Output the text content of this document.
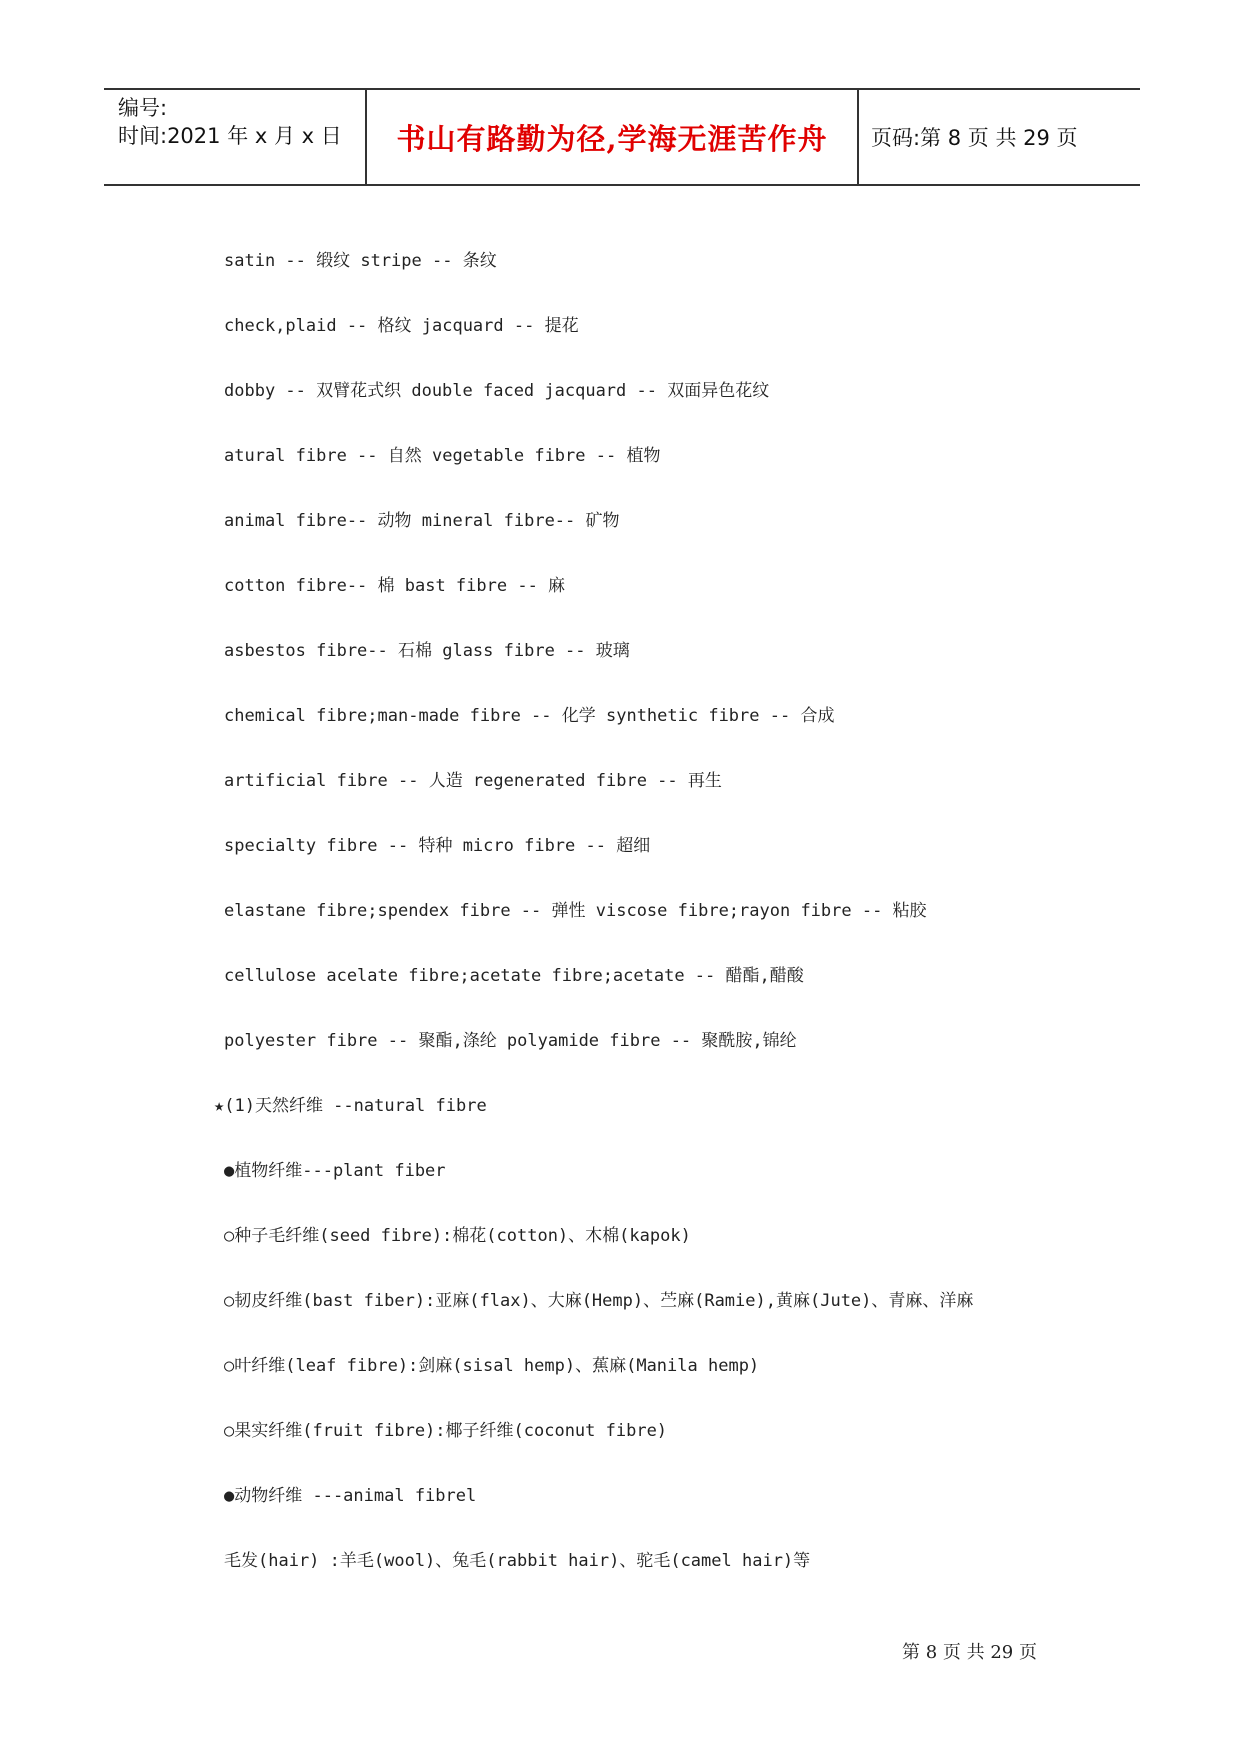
编号:
时间:2021 年 x 月 x 日	书山有路勤为径,学海无涯苦作舟	页码:第 8 页 共 29 页
satin -- 缎纹 stripe -- 条纹
check,plaid -- 格纹 jacquard -- 提花
dobby -- 双臂花式织 double faced jacquard -- 双面异色花纹
atural fibre -- 自然 vegetable fibre -- 植物
animal fibre-- 动物 mineral fibre-- 矿物
cotton fibre-- 棉 bast fibre -- 麻
asbestos fibre-- 石棉 glass fibre -- 玻璃
chemical fibre;man-made fibre -- 化学 synthetic fibre -- 合成
artificial fibre -- 人造 regenerated fibre -- 再生
specialty fibre -- 特种 micro fibre -- 超细
elastane fibre;spendex fibre -- 弹性 viscose fibre;rayon fibre -- 粘胶
cellulose acelate fibre;acetate fibre;acetate -- 醋酯,醋酸
polyester fibre -- 聚酯,涤纶 polyamide fibre -- 聚酰胺,锦纶
★(1)天然纤维 --natural fibre
●植物纤维---plant fiber
○种子毛纤维(seed fibre):棉花(cotton)、木棉(kapok)
○韧皮纤维(bast fiber):亚麻(flax)、大麻(Hemp)、苎麻(Ramie),黄麻(Jute)、青麻、洋麻
○叶纤维(leaf fibre):剑麻(sisal hemp)、蕉麻(Manila hemp)
○果实纤维(fruit fibre):椰子纤维(coconut fibre)
●动物纤维 ---animal fibrel
毛发(hair) :羊毛(wool)、兔毛(rabbit hair)、驼毛(camel hair)等
第 8 页 共 29 页
